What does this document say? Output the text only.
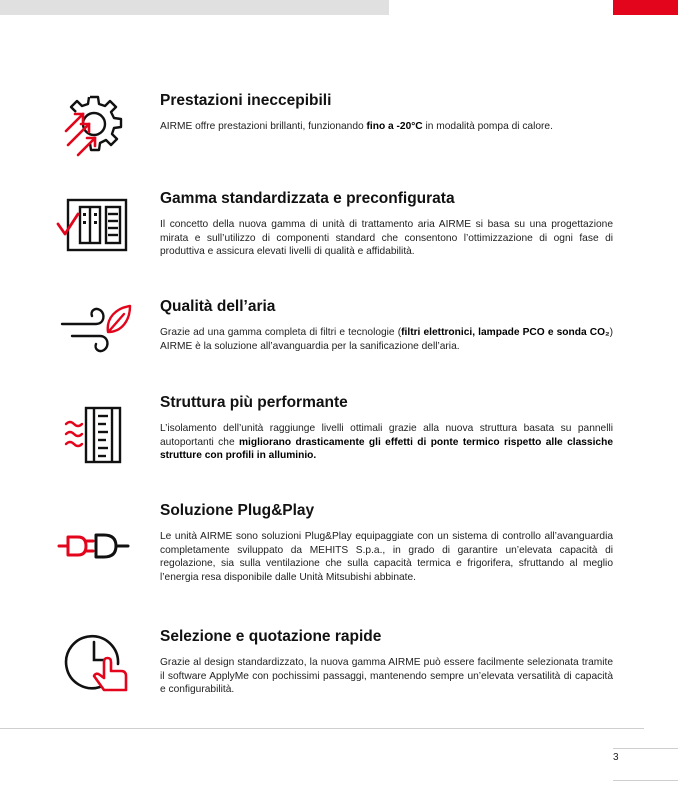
Prestazioni ineccepibili
AIRME offre prestazioni brillanti, funzionando fino a -20°C in modalità pompa di calore.
Gamma standardizzata e preconfigurata
Il concetto della nuova gamma di unità di trattamento aria AIRME si basa su una progettazione mirata e sull’utilizzo di componenti standard che consentono l’ottimizzazione di ogni fase di produttiva e assicura elevati livelli di qualità e affidabilità.
Qualità dell’aria
Grazie ad una gamma completa di filtri e tecnologie (filtri elettronici, lampade PCO e sonda CO₂) AIRME è la soluzione all’avanguardia per la sanificazione dell’aria.
Struttura più performante
L’isolamento dell’unità raggiunge livelli ottimali grazie alla nuova struttura basata su pannelli autoportanti che migliorano drasticamente gli effetti di ponte termico rispetto alle classiche strutture con profili in alluminio.
Soluzione Plug&Play
Le unità AIRME sono soluzioni Plug&Play equipaggiate con un sistema di controllo all’avanguardia completamente sviluppato da MEHITS S.p.a., in grado di garantire un’elevata capacità di regolazione, sia sulla ventilazione che sulla capacità termica e frigorifera, sfruttando al meglio l’energia resa disponibile dalle Unità Mitsubishi abbinate.
Selezione e quotazione rapide
Grazie al design standardizzato, la nuova gamma AIRME può essere facilmente selezionata tramite il software ApplyMe con pochissimi passaggi, mantenendo sempre un’elevata versatilità di capacità e configurabilità.
3
